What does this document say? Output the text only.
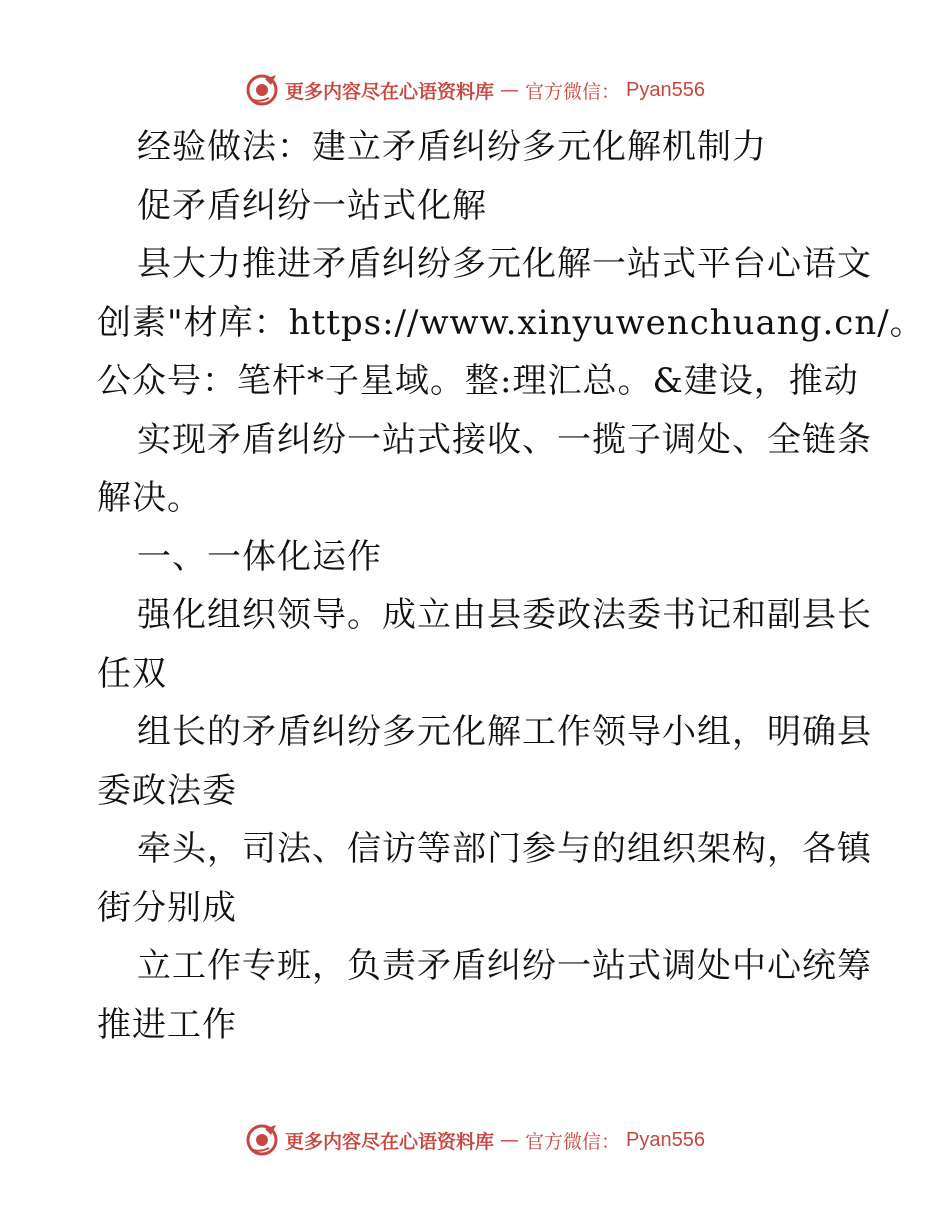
更多内容尽在心语资料库 — 官方微信： Pyan556
经验做法：建立矛盾纠纷多元化解机制力
促矛盾纠纷一站式化解
县大力推进矛盾纠纷多元化解一站式平台心语文
创素"材库：https://www.xinyuwenchuang.cn/。
公众号：笔杆*子星域。整:理汇总。&建设，推动
实现矛盾纠纷一站式接收、一揽子调处、全链条
解决。
一、一体化运作
强化组织领导。成立由县委政法委书记和副县长
任双
组长的矛盾纠纷多元化解工作领导小组，明确县
委政法委
牵头，司法、信访等部门参与的组织架构，各镇
街分别成
立工作专班，负责矛盾纠纷一站式调处中心统筹
推进工作
更多内容尽在心语资料库 — 官方微信： Pyan556
